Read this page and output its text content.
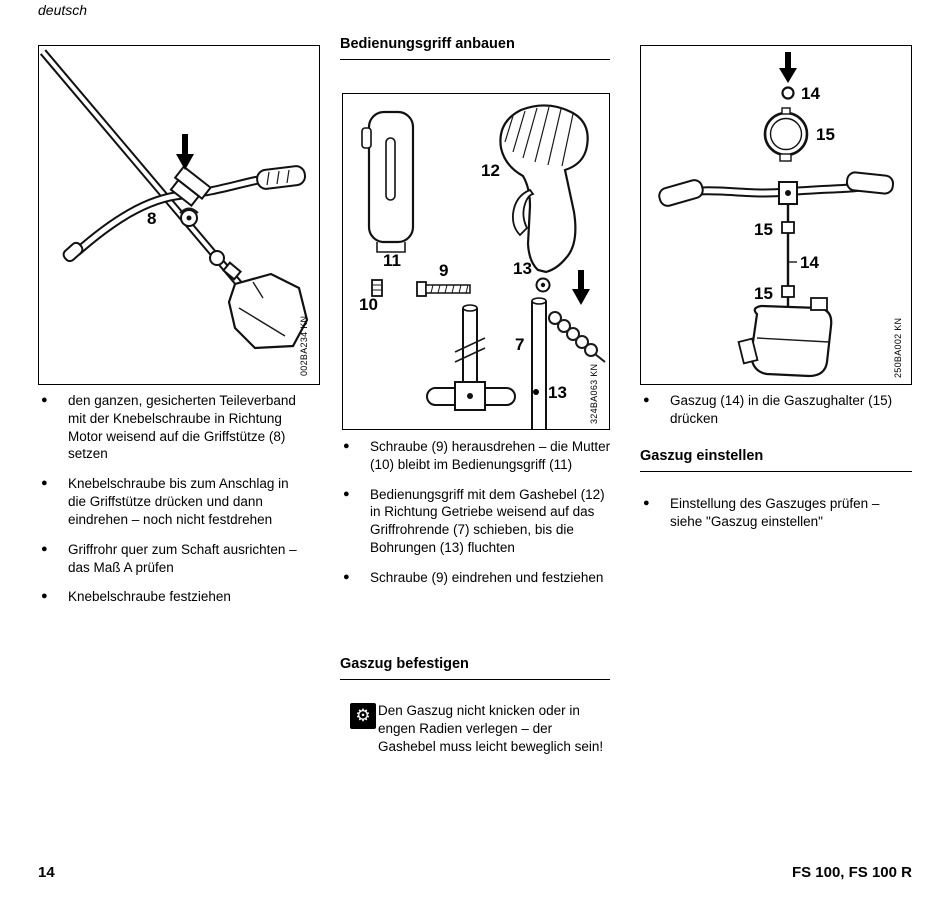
deutsch
8
002BA234 KN
● den ganzen, gesicherten Teileverband mit der Knebelschraube in Richtung Motor weisend auf die Griffstütze (8) setzen
● Knebelschraube bis zum Anschlag in die Griffstütze drücken und dann eindrehen – noch nicht festdrehen
● Griffrohr quer zum Schaft ausrichten – das Maß A prüfen
● Knebelschraube festziehen
Bedienungsgriff anbauen
11
9
10
12
13
7
13 324BA063 KN
● Schraube (9) herausdrehen – die Mutter (10) bleibt im Bedienungsgriff (11)
● Bedienungsgriff mit dem Gashebel (12) in Richtung Getriebe weisend auf das Griffrohrende (7) schieben, bis die Bohrungen (13) fluchten
● Schraube (9) eindrehen und festziehen
Gaszug befestigen
⚙ Den Gaszug nicht knicken oder in engen Radien verlegen – der Gashebel muss leicht beweglich sein!
14
15
15
14
15
250BA002 KN
● Gaszug (14) in die Gaszughalter (15) drücken
Gaszug einstellen
● Einstellung des Gaszuges prüfen – siehe "Gaszug einstellen"
14	FS 100, FS 100 R
